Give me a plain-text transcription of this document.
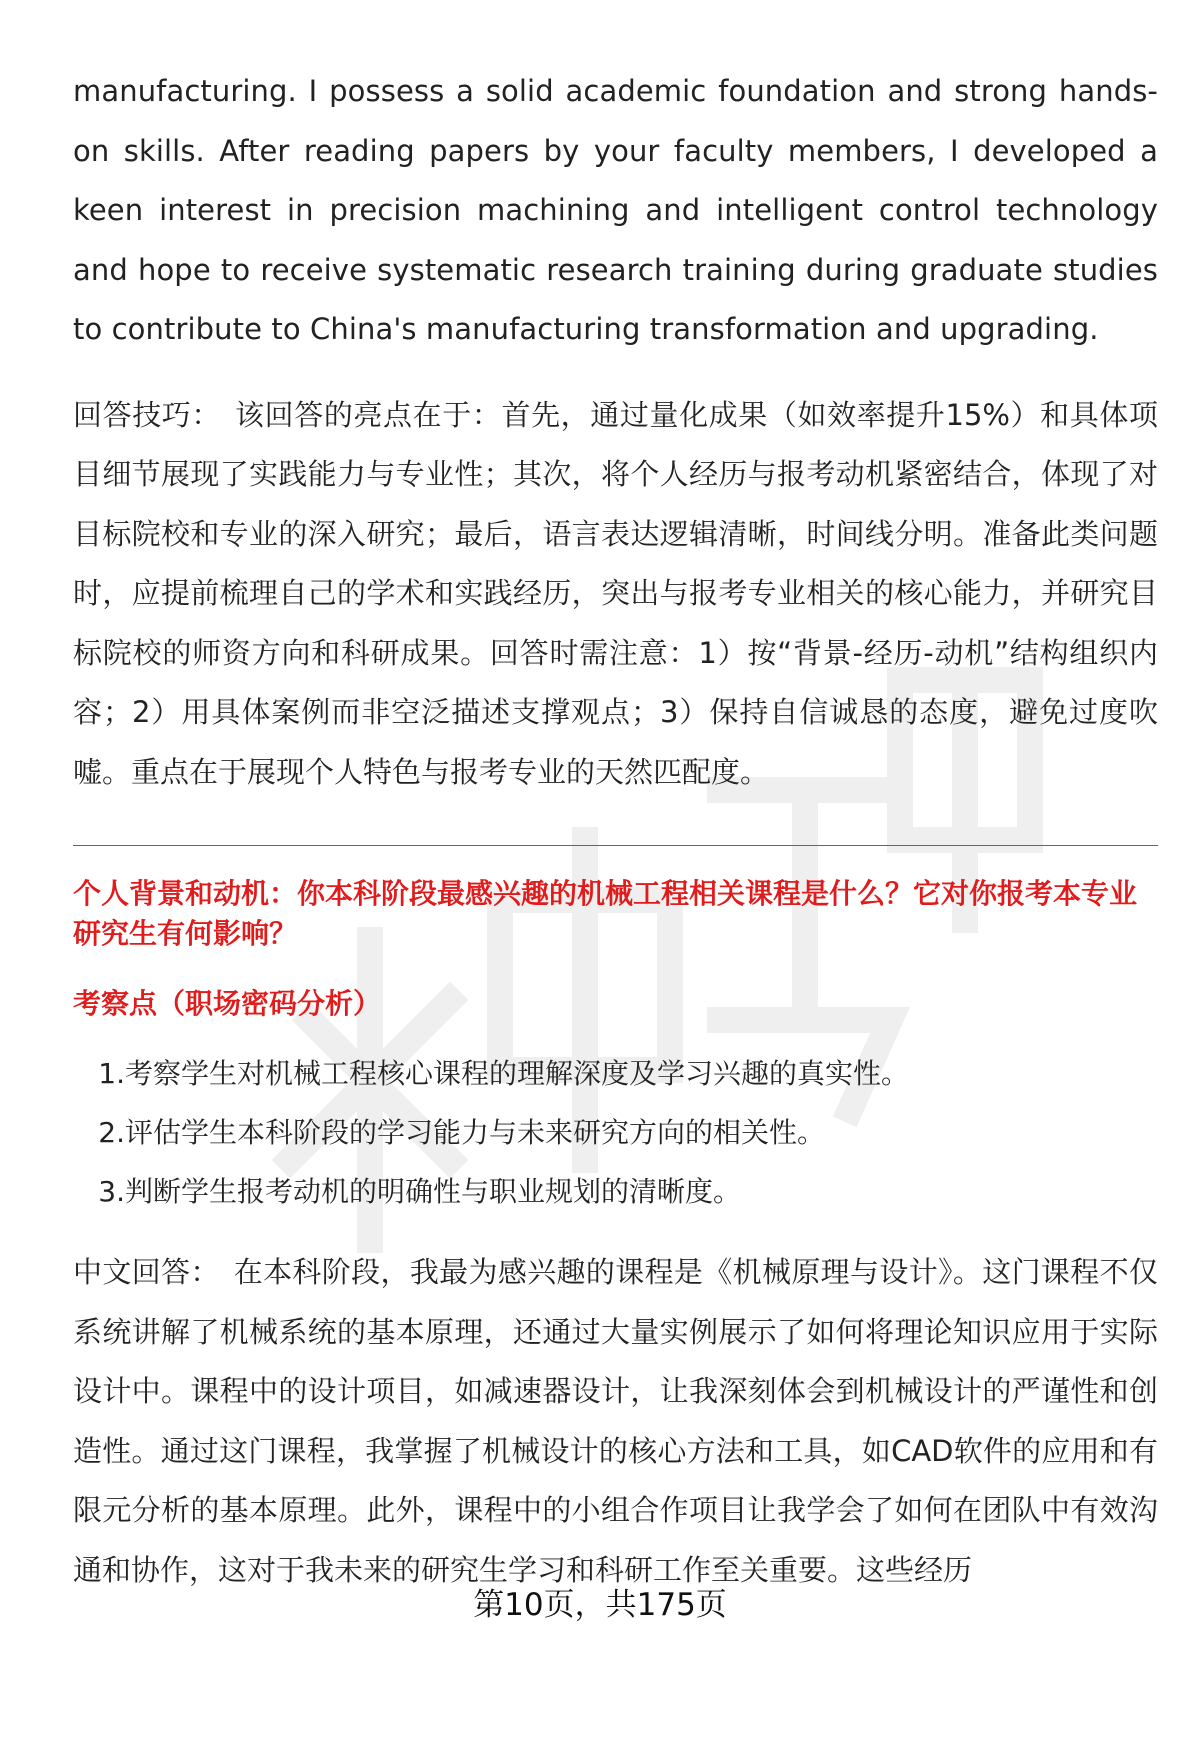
manufacturing. I possess a solid academic foundation and strong hands-on skills. After reading papers by your faculty members, I developed a keen interest in precision machining and intelligent control technology and hope to receive systematic research training during graduate studies to contribute to China's manufacturing transformation and upgrading.

回答技巧： 该回答的亮点在于：首先，通过量化成果（如效率提升15%）和具体项目细节展现了实践能力与专业性；其次，将个人经历与报考动机紧密结合，体现了对目标院校和专业的深入研究；最后，语言表达逻辑清晰，时间线分明。准备此类问题时，应提前梳理自己的学术和实践经历，突出与报考专业相关的核心能力，并研究目标院校的师资方向和科研成果。回答时需注意：1）按“背景-经历-动机”结构组织内容；2）用具体案例而非空泛描述支撑观点；3）保持自信诚恳的态度，避免过度吹嘘。重点在于展现个人特色与报考专业的天然匹配度。

个人背景和动机：你本科阶段最感兴趣的机械工程相关课程是什么？它对你报考本专业研究生有何影响？

考察点（职场密码分析）

1. 考察学生对机械工程核心课程的理解深度及学习兴趣的真实性。
2. 评估学生本科阶段的学习能力与未来研究方向的相关性。
3. 判断学生报考动机的明确性与职业规划的清晰度。

中文回答： 在本科阶段，我最为感兴趣的课程是《机械原理与设计》。这门课程不仅系统讲解了机械系统的基本原理，还通过大量实例展示了如何将理论知识应用于实际设计中。课程中的设计项目，如减速器设计，让我深刻体会到机械设计的严谨性和创造性。通过这门课程，我掌握了机械设计的核心方法和工具，如CAD软件的应用和有限元分析的基本原理。此外，课程中的小组合作项目让我学会了如何在团队中有效沟通和协作，这对于我未来的研究生学习和科研工作至关重要。这些经历

第10页，共175页
